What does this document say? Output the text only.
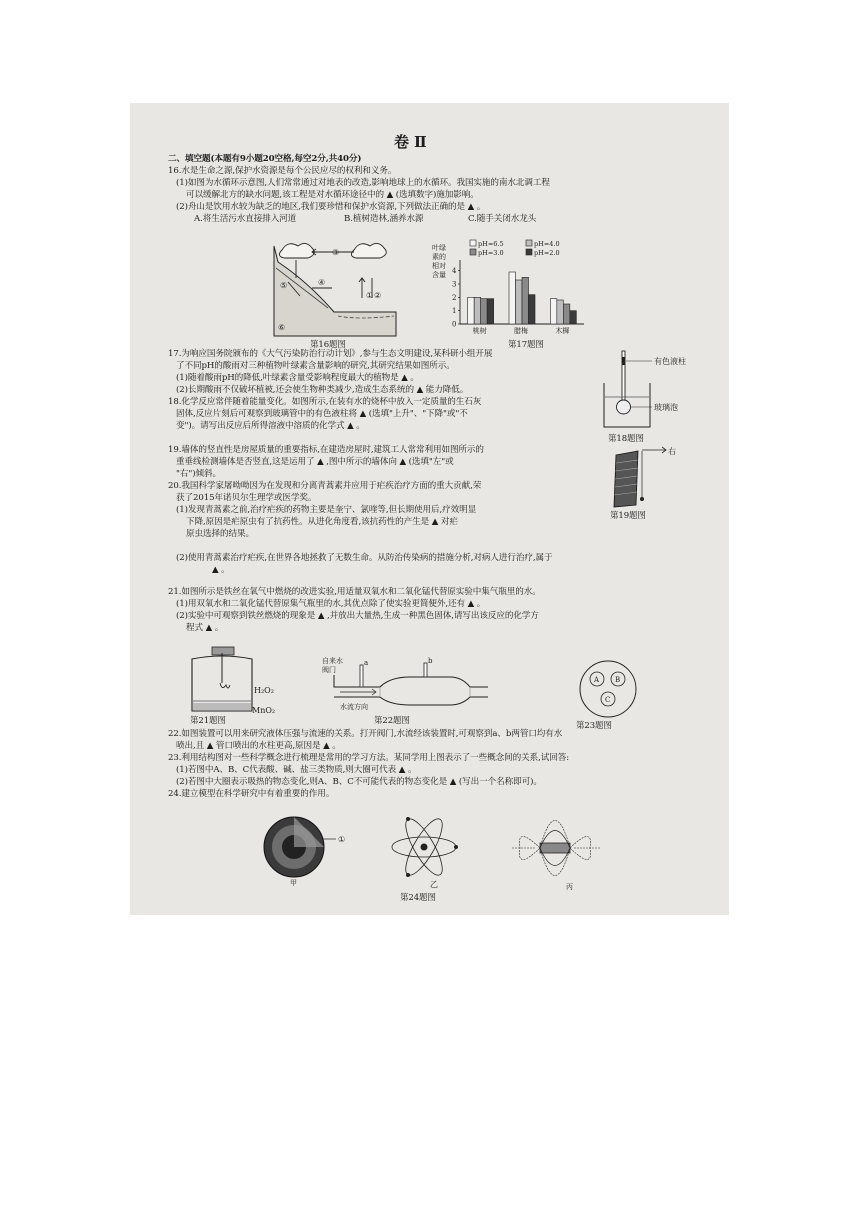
卷 Ⅱ
二、填空题(本题有9小题20空格,每空2分,共40分)
16.水是生命之源,保护水资源是每个公民应尽的权利和义务。
(1)如图为水循环示意图,人们常常通过对地表的改造,影响地球上的水循环。我国实施的南水北调工程
可以缓解北方的缺水问题,该工程是对水循环途径中的 ▲ (选填数字)施加影响。
(2)舟山是饮用水较为缺乏的地区,我们要珍惜和保护水资源,下列做法正确的是 ▲ 。
A.将生活污水直接排入河道	B.植树造林,涵养水源	C.随手关闭水龙头
③
① ②
④
⑤
⑥
第16题图
叶绿 素的 相对 含量
0
1
2
3
4
桃树	腊梅	木樨
pH=6.5	pH=4.0
pH=3.0	pH=2.0
第17题图
17.为响应国务院颁布的《大气污染防治行动计划》,参与生态文明建设,某科研小组开展
了不同pH的酸雨对三种植物叶绿素含量影响的研究,其研究结果如图所示。
(1)随着酸雨pH的降低,叶绿素含量受影响程度最大的植物是 ▲ 。
(2)长期酸雨不仅破坏植被,还会使生物种类减少,造成生态系统的 ▲ 能力降低。
18.化学反应常伴随着能量变化。如图所示,在装有水的烧杯中放入一定质量的生石灰
固体,反应片刻后可观察到玻璃管中的有色液柱将 ▲ (选填"上升"、"下降"或"不
变")。请写出反应后所得溶液中溶质的化学式 ▲ 。
有色液柱
玻璃泡
第18题图
19.墙体的竖直性是房屋质量的重要指标,在建造房屋时,建筑工人常常利用如图所示的
重垂线检测墙体是否竖直,这是运用了 ▲ ,图中所示的墙体向 ▲ (选填"左"或
"右")倾斜。
右
第19题图
20.我国科学家屠呦呦因为在发现和分离青蒿素并应用于疟疾治疗方面的重大贡献,荣
获了2015年诺贝尔生理学或医学奖。
(1)发现青蒿素之前,治疗疟疾的药物主要是奎宁、氯喹等,但长期使用后,疗效明显
下降,原因是疟原虫有了抗药性。从进化角度看,该抗药性的产生是 ▲ 对疟
原虫选择的结果。
(2)使用青蒿素治疗疟疾,在世界各地拯救了无数生命。从防治传染病的措施分析,对病人进行治疗,属于
▲ 。
21.如图所示是铁丝在氧气中燃烧的改进实验,用适量双氧水和二氧化锰代替原实验中集气瓶里的水。
(1)用双氧水和二氧化锰代替原集气瓶里的水,其优点除了使实验更简便外,还有 ▲ 。
(2)实验中可观察到铁丝燃烧的现象是 ▲ ,并放出大量热,生成一种黑色固体,请写出该反应的化学方
程式 ▲ 。
H₂O₂
MnO₂
第21题图
自来水
阀门
a	b
水流方向
第22题图
A B
C
第23题图
22.如图装置可以用来研究液体压强与流速的关系。打开阀门,水流经该装置时,可观察到a、b两管口均有水
喷出,且 ▲ 管口喷出的水柱更高,原因是 ▲ 。
23.利用结构图对一些科学概念进行梳理是常用的学习方法。某同学用上图表示了一些概念间的关系,试回答:
(1)若图中A、B、C代表酸、碱、盐三类物质,则大圈可代表 ▲ 。
(2)若图中大圈表示吸热的物态变化,则A、B、C不可能代表的物态变化是 ▲ (写出一个名称即可)。
24.建立模型在科学研究中有着重要的作用。
①
甲	乙	丙
第24题图
